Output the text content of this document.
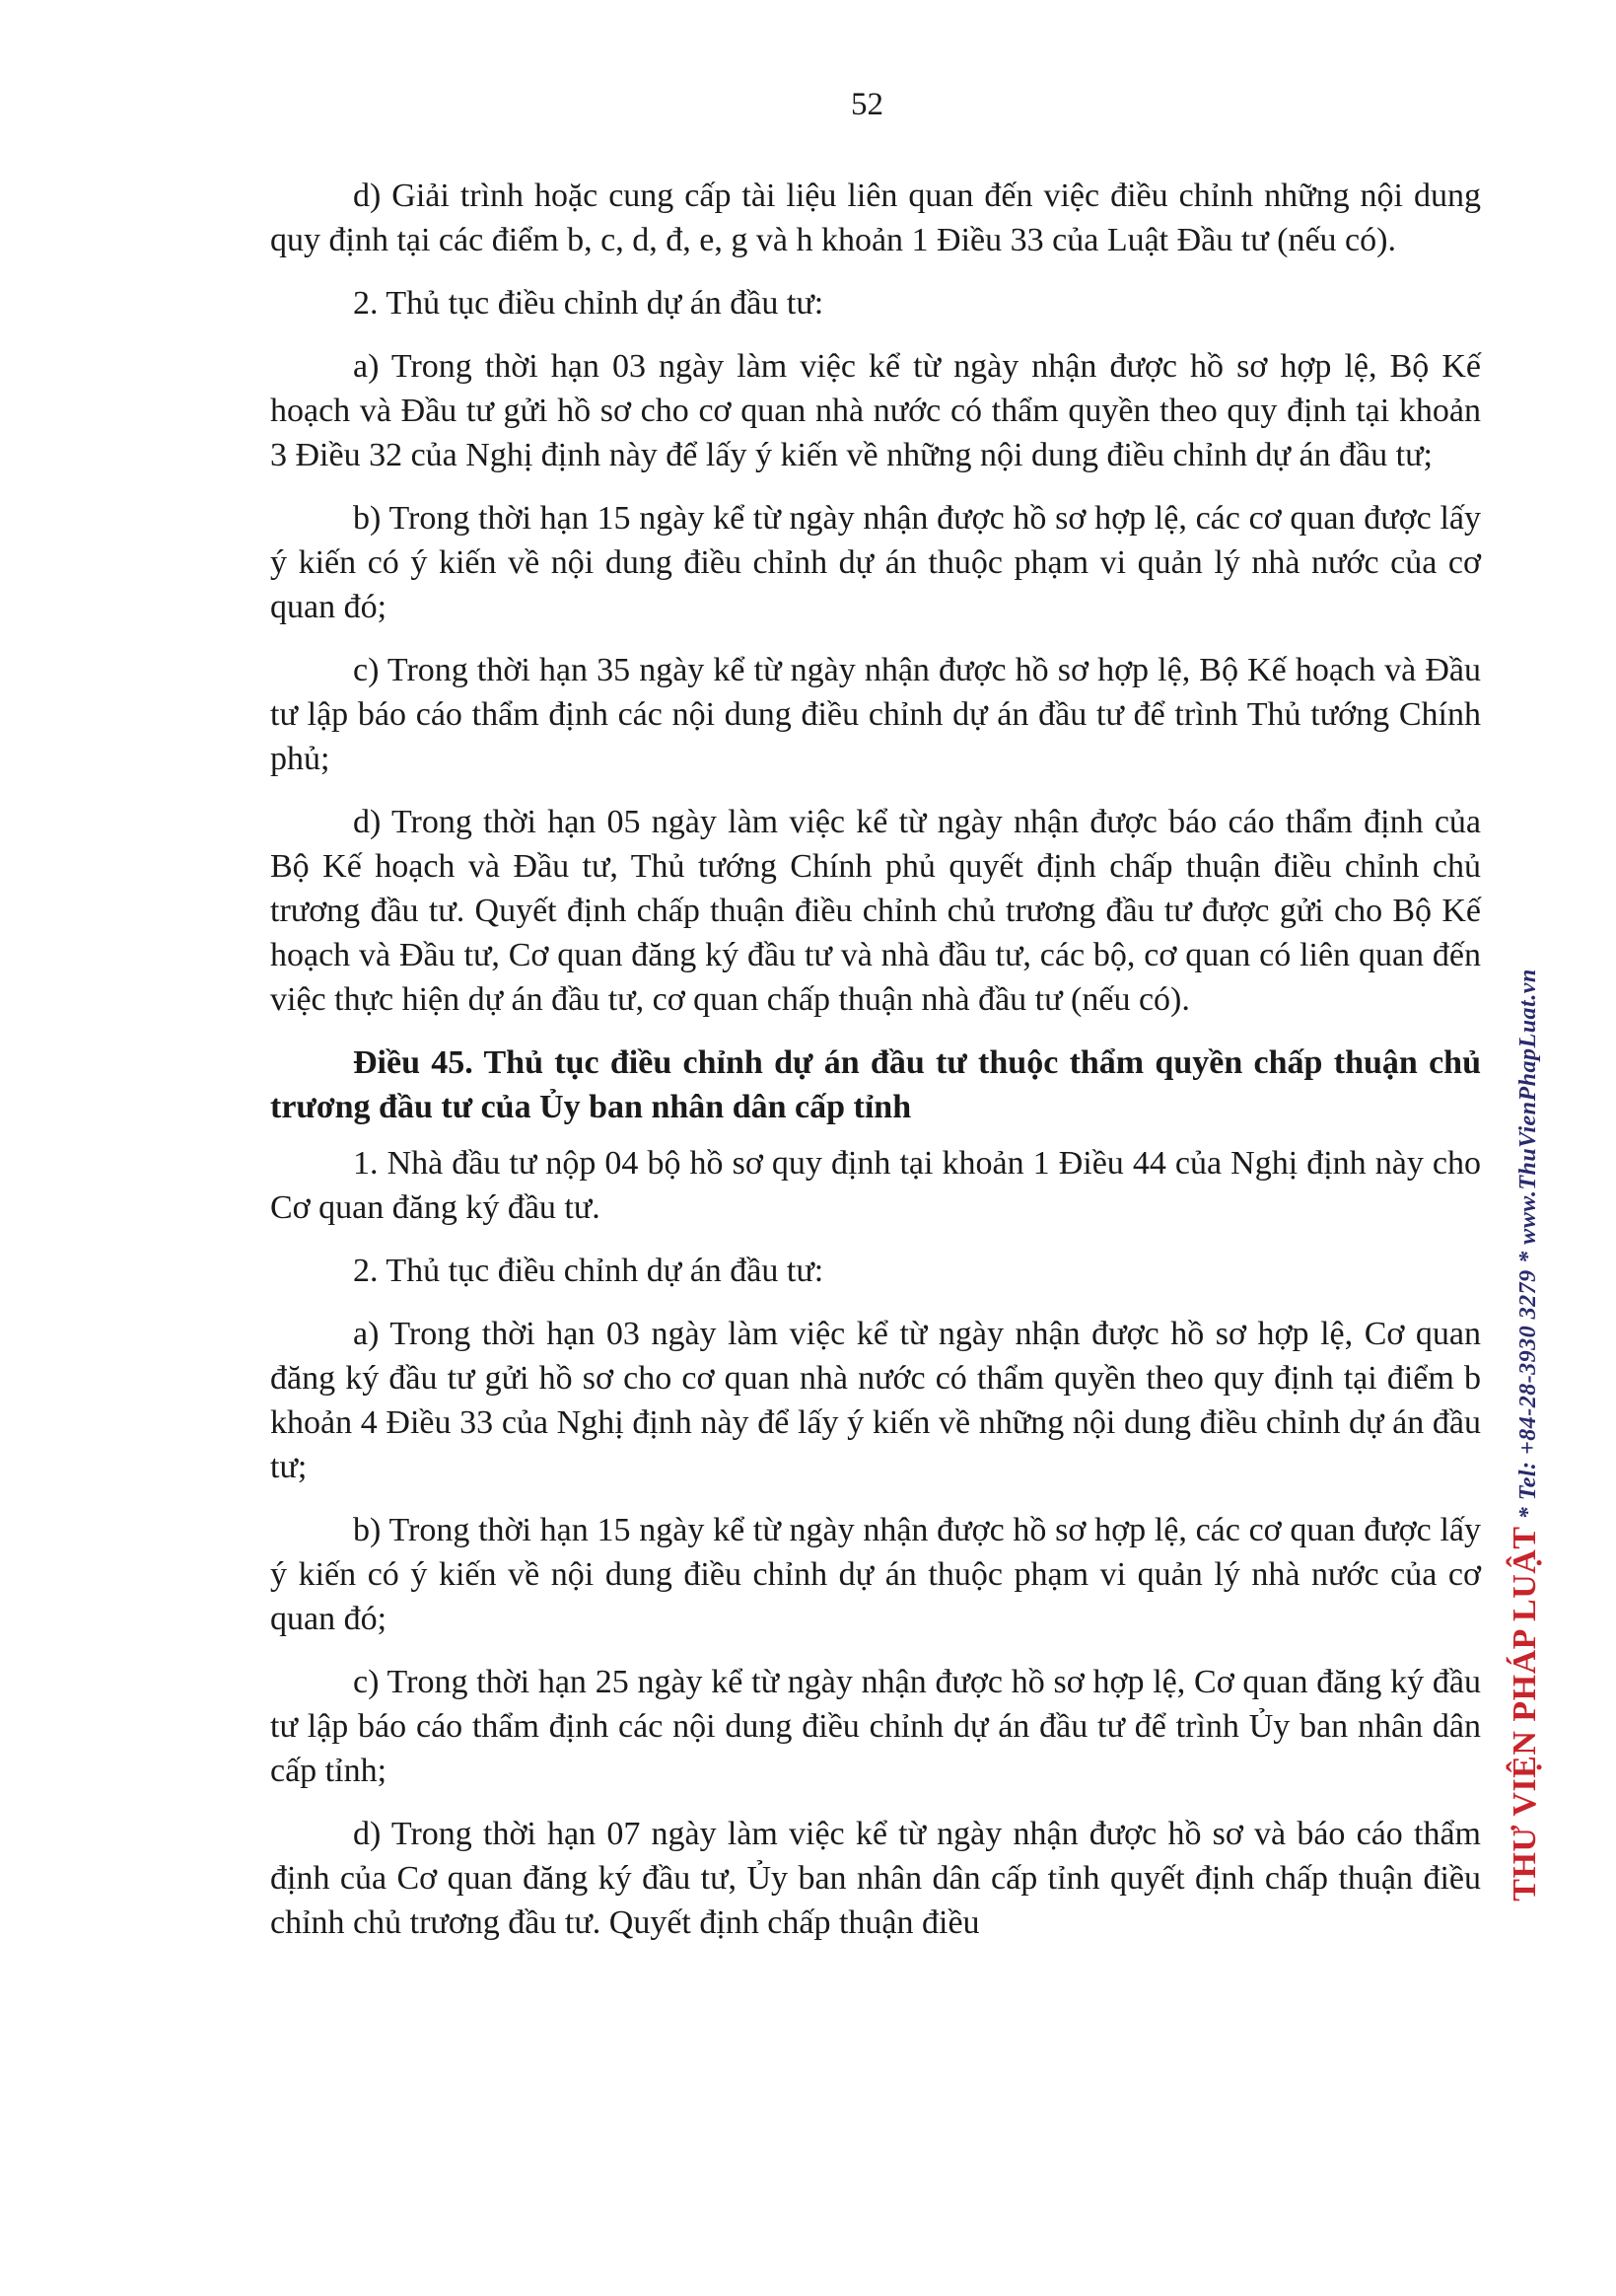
52

d) Giải trình hoặc cung cấp tài liệu liên quan đến việc điều chỉnh những nội dung quy định tại các điểm b, c, d, đ, e, g và h khoản 1 Điều 33 của Luật Đầu tư (nếu có).

2. Thủ tục điều chỉnh dự án đầu tư:

a) Trong thời hạn 03 ngày làm việc kể từ ngày nhận được hồ sơ hợp lệ, Bộ Kế hoạch và Đầu tư gửi hồ sơ cho cơ quan nhà nước có thẩm quyền theo quy định tại khoản 3 Điều 32 của Nghị định này để lấy ý kiến về những nội dung điều chỉnh dự án đầu tư;

b) Trong thời hạn 15 ngày kể từ ngày nhận được hồ sơ hợp lệ, các cơ quan được lấy ý kiến có ý kiến về nội dung điều chỉnh dự án thuộc phạm vi quản lý nhà nước của cơ quan đó;

c) Trong thời hạn 35 ngày kể từ ngày nhận được hồ sơ hợp lệ, Bộ Kế hoạch và Đầu tư lập báo cáo thẩm định các nội dung điều chỉnh dự án đầu tư để trình Thủ tướng Chính phủ;

d) Trong thời hạn 05 ngày làm việc kể từ ngày nhận được báo cáo thẩm định của Bộ Kế hoạch và Đầu tư, Thủ tướng Chính phủ quyết định chấp thuận điều chỉnh chủ trương đầu tư. Quyết định chấp thuận điều chỉnh chủ trương đầu tư được gửi cho Bộ Kế hoạch và Đầu tư, Cơ quan đăng ký đầu tư và nhà đầu tư, các bộ, cơ quan có liên quan đến việc thực hiện dự án đầu tư, cơ quan chấp thuận nhà đầu tư (nếu có).

Điều 45. Thủ tục điều chỉnh dự án đầu tư thuộc thẩm quyền chấp thuận chủ trương đầu tư của Ủy ban nhân dân cấp tỉnh

1. Nhà đầu tư nộp 04 bộ hồ sơ quy định tại khoản 1 Điều 44 của Nghị định này cho Cơ quan đăng ký đầu tư.

2. Thủ tục điều chỉnh dự án đầu tư:

a) Trong thời hạn 03 ngày làm việc kể từ ngày nhận được hồ sơ hợp lệ, Cơ quan đăng ký đầu tư gửi hồ sơ cho cơ quan nhà nước có thẩm quyền theo quy định tại điểm b khoản 4 Điều 33 của Nghị định này để lấy ý kiến về những nội dung điều chỉnh dự án đầu tư;

b) Trong thời hạn 15 ngày kể từ ngày nhận được hồ sơ hợp lệ, các cơ quan được lấy ý kiến có ý kiến về nội dung điều chỉnh dự án thuộc phạm vi quản lý nhà nước của cơ quan đó;

c) Trong thời hạn 25 ngày kể từ ngày nhận được hồ sơ hợp lệ, Cơ quan đăng ký đầu tư lập báo cáo thẩm định các nội dung điều chỉnh dự án đầu tư để trình Ủy ban nhân dân cấp tỉnh;

d) Trong thời hạn 07 ngày làm việc kể từ ngày nhận được hồ sơ và báo cáo thẩm định của Cơ quan đăng ký đầu tư, Ủy ban nhân dân cấp tỉnh quyết định chấp thuận điều chỉnh chủ trương đầu tư. Quyết định chấp thuận điều

THƯ VIỆN PHÁP LUẬT * Tel: +84-28-3930 3279 * www.ThuVienPhapLuat.vn
